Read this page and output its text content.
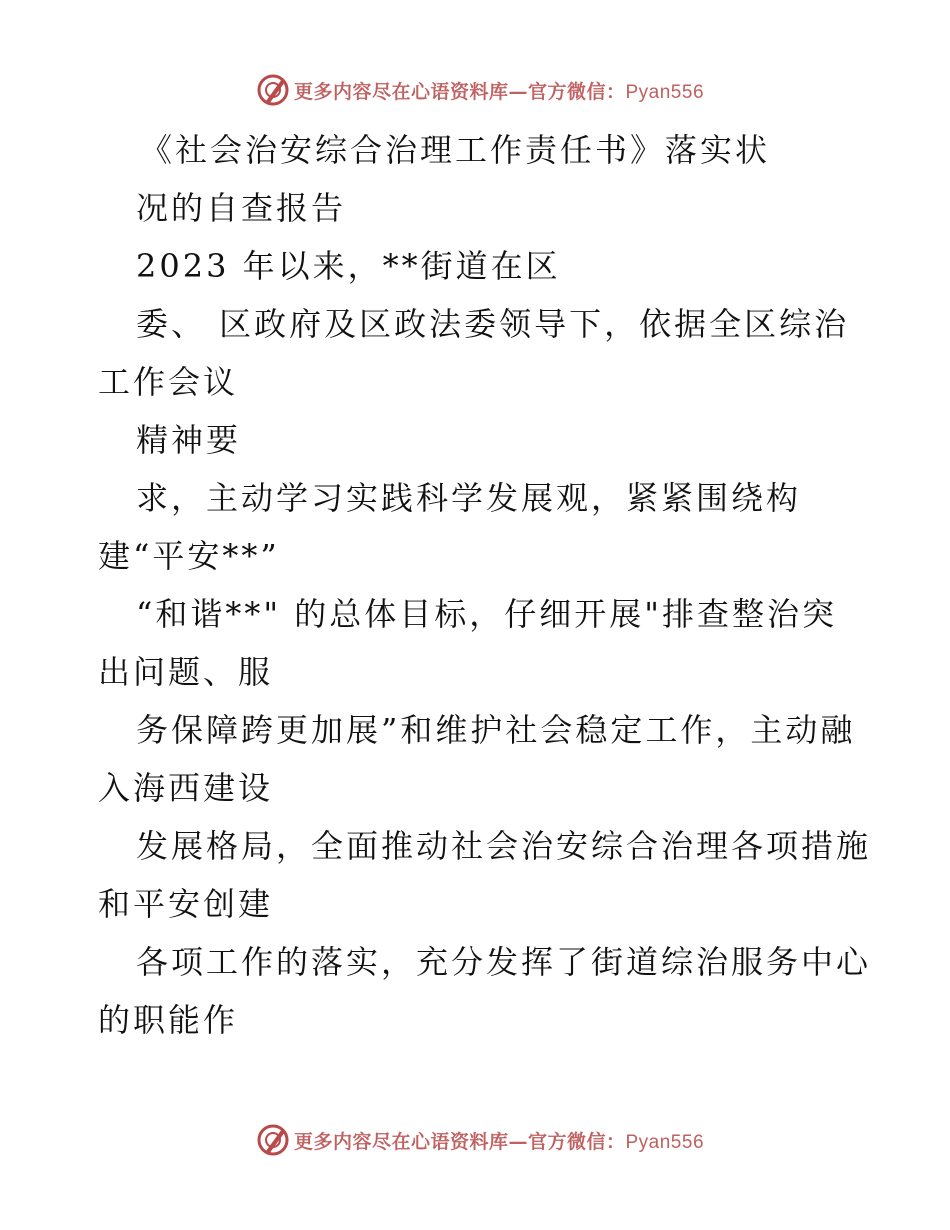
更多内容尽在心语资料库—官方微信：Pyan556
《社会治安综合治理工作责任书》落实状
况的自查报告
2023 年以来，**街道在区
委、 区政府及区政法委领导下，依据全区综治
工作会议
精神要
求，主动学习实践科学发展观，紧紧围绕构
建“平安**”
“和谐**" 的总体目标，仔细开展"排查整治突
出问题、服
务保障跨更加展”和维护社会稳定工作，主动融
入海西建设
发展格局，全面推动社会治安综合治理各项措施
和平安创建
各项工作的落实，充分发挥了街道综治服务中心
的职能作
更多内容尽在心语资料库—官方微信：Pyan556
